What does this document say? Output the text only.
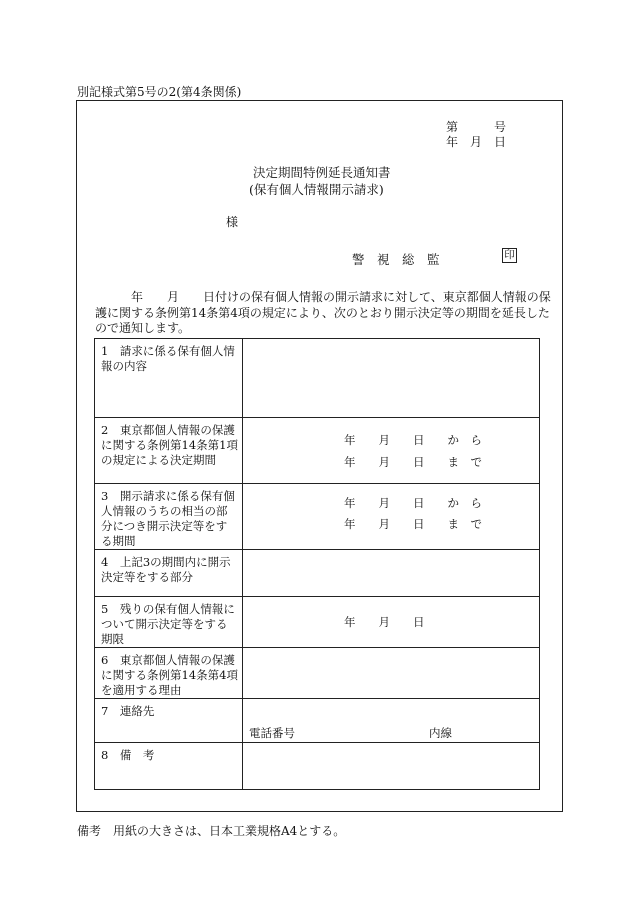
別記様式第5号の2(第4条関係)
第　　　号
年　月　日
決定期間特例延長通知書
(保有個人情報開示請求)
様
警　視　総　監	印
　　　年　　月　　日付けの保有個人情報の開示請求に対して、東京都個人情報の保護に関する条例第14条第4項の規定により、次のとおり開示決定等の期間を延長したので通知します。
1　請求に係る保有個人情報の内容	
2　東京都個人情報の保護に関する条例第14条第1項の規定による決定期間	年　　月　　日　　か　ら
年　　月　　日　　ま　で

3　開示請求に係る保有個人情報のうちの相当の部分につき開示決定等をする期間	年　　月　　日　　か　ら
年　　月　　日　　ま　で

4　上記3の期間内に開示決定等をする部分	
5　残りの保有個人情報について開示決定等をする期限	年　　月　　日

6　東京都個人情報の保護に関する条例第14条第4項を適用する理由	
7　連絡先	電話番号 内線

8　備　考	
備考　用紙の大きさは、日本工業規格A4とする。
